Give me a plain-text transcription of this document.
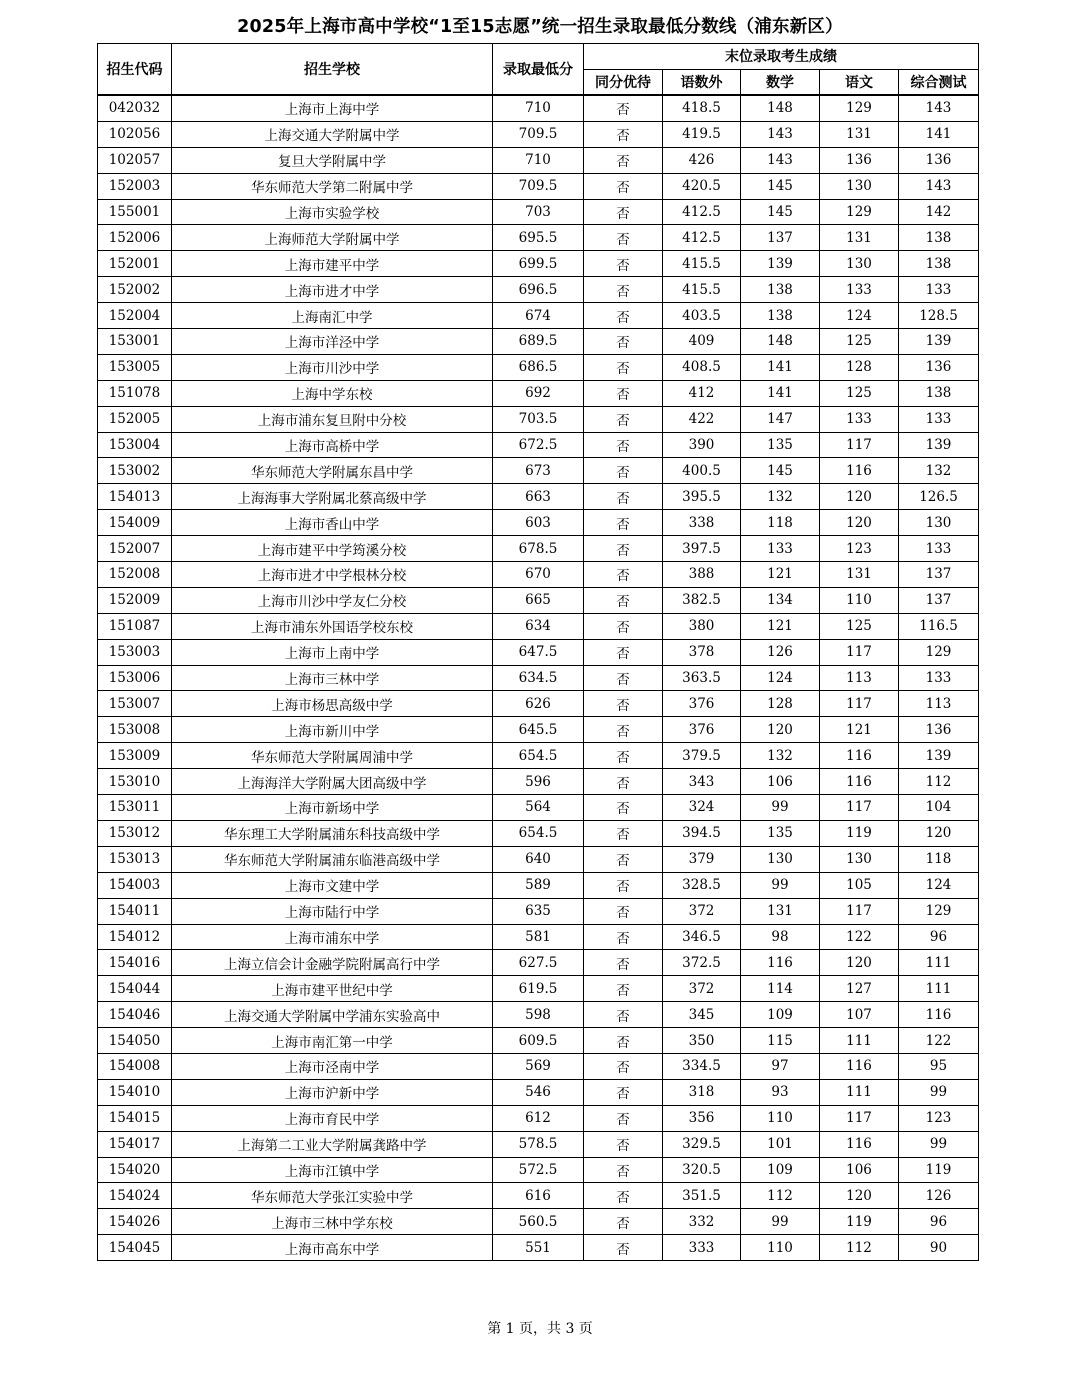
2025年上海市高中学校“1至15志愿”统一招生录取最低分数线（浦东新区）
招生代码	招生学校	录取最低分	末位录取考生成绩				
			同分优待	语数外	数学	语文	综合测试
042032	上海市上海中学	710	否	418.5	148	129	143
102056	上海交通大学附属中学	709.5	否	419.5	143	131	141
102057	复旦大学附属中学	710	否	426	143	136	136
152003	华东师范大学第二附属中学	709.5	否	420.5	145	130	143
155001	上海市实验学校	703	否	412.5	145	129	142
152006	上海师范大学附属中学	695.5	否	412.5	137	131	138
152001	上海市建平中学	699.5	否	415.5	139	130	138
152002	上海市进才中学	696.5	否	415.5	138	133	133
152004	上海南汇中学	674	否	403.5	138	124	128.5
153001	上海市洋泾中学	689.5	否	409	148	125	139
153005	上海市川沙中学	686.5	否	408.5	141	128	136
151078	上海中学东校	692	否	412	141	125	138
152005	上海市浦东复旦附中分校	703.5	否	422	147	133	133
153004	上海市高桥中学	672.5	否	390	135	117	139
153002	华东师范大学附属东昌中学	673	否	400.5	145	116	132
154013	上海海事大学附属北蔡高级中学	663	否	395.5	132	120	126.5
154009	上海市香山中学	603	否	338	118	120	130
152007	上海市建平中学筠溪分校	678.5	否	397.5	133	123	133
152008	上海市进才中学根林分校	670	否	388	121	131	137
152009	上海市川沙中学友仁分校	665	否	382.5	134	110	137
151087	上海市浦东外国语学校东校	634	否	380	121	125	116.5
153003	上海市上南中学	647.5	否	378	126	117	129
153006	上海市三林中学	634.5	否	363.5	124	113	133
153007	上海市杨思高级中学	626	否	376	128	117	113
153008	上海市新川中学	645.5	否	376	120	121	136
153009	华东师范大学附属周浦中学	654.5	否	379.5	132	116	139
153010	上海海洋大学附属大团高级中学	596	否	343	106	116	112
153011	上海市新场中学	564	否	324	99	117	104
153012	华东理工大学附属浦东科技高级中学	654.5	否	394.5	135	119	120
153013	华东师范大学附属浦东临港高级中学	640	否	379	130	130	118
154003	上海市文建中学	589	否	328.5	99	105	124
154011	上海市陆行中学	635	否	372	131	117	129
154012	上海市浦东中学	581	否	346.5	98	122	96
154016	上海立信会计金融学院附属高行中学	627.5	否	372.5	116	120	111
154044	上海市建平世纪中学	619.5	否	372	114	127	111
154046	上海交通大学附属中学浦东实验高中	598	否	345	109	107	116
154050	上海市南汇第一中学	609.5	否	350	115	111	122
154008	上海市泾南中学	569	否	334.5	97	116	95
154010	上海市沪新中学	546	否	318	93	111	99
154015	上海市育民中学	612	否	356	110	117	123
154017	上海第二工业大学附属龚路中学	578.5	否	329.5	101	116	99
154020	上海市江镇中学	572.5	否	320.5	109	106	119
154024	华东师范大学张江实验中学	616	否	351.5	112	120	126
154026	上海市三林中学东校	560.5	否	332	99	119	96
154045	上海市高东中学	551	否	333	110	112	90
第 1 页，共 3 页
